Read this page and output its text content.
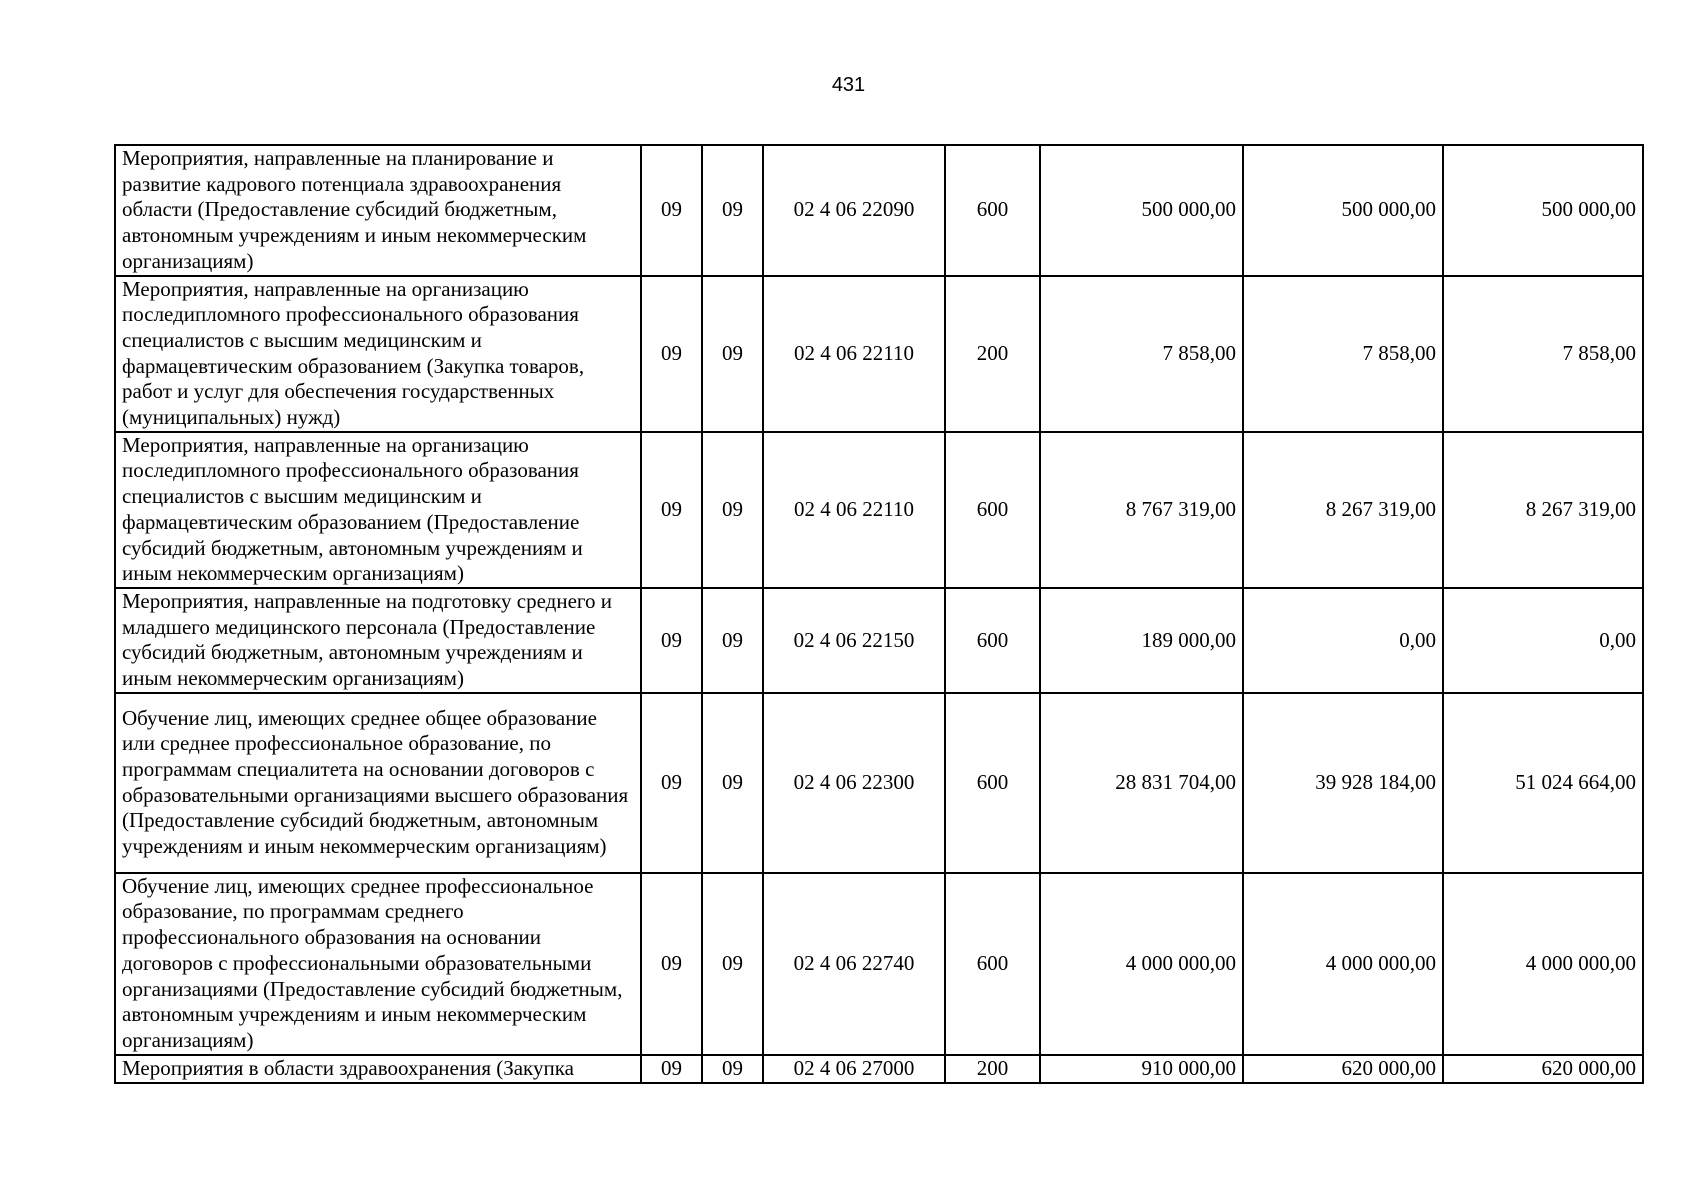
431
Мероприятия, направленные на планирование и развитие кадрового потенциала здравоохранения области (Предоставление субсидий бюджетным, автономным учреждениям и иным некоммерческим организациям)	09	09	02 4 06 22090	600	500 000,00	500 000,00	500 000,00
Мероприятия, направленные на организацию последипломного профессионального образования специалистов с высшим медицинским и фармацевтическим образованием (Закупка товаров, работ и услуг для обеспечения государственных (муниципальных) нужд)	09	09	02 4 06 22110	200	7 858,00	7 858,00	7 858,00
Мероприятия, направленные на организацию последипломного профессионального образования специалистов с высшим медицинским и фармацевтическим образованием (Предоставление субсидий бюджетным, автономным учреждениям и иным некоммерческим организациям)	09	09	02 4 06 22110	600	8 767 319,00	8 267 319,00	8 267 319,00
Мероприятия, направленные на подготовку среднего и младшего медицинского персонала (Предоставление субсидий бюджетным, автономным учреждениям и иным некоммерческим организациям)	09	09	02 4 06 22150	600	189 000,00	0,00	0,00
Обучение лиц, имеющих среднее общее образование или среднее профессиональное образование, по программам специалитета на основании договоров с образовательными организациями высшего образования (Предоставление субсидий бюджетным, автономным учреждениям и иным некоммерческим организациям)	09	09	02 4 06 22300	600	28 831 704,00	39 928 184,00	51 024 664,00
Обучение лиц, имеющих среднее профессиональное образование, по программам среднего профессионального образования на основании договоров с профессиональными образовательными организациями (Предоставление субсидий бюджетным, автономным учреждениям и иным некоммерческим организациям)	09	09	02 4 06 22740	600	4 000 000,00	4 000 000,00	4 000 000,00
Мероприятия в области здравоохранения (Закупка	09	09	02 4 06 27000	200	910 000,00	620 000,00	620 000,00
